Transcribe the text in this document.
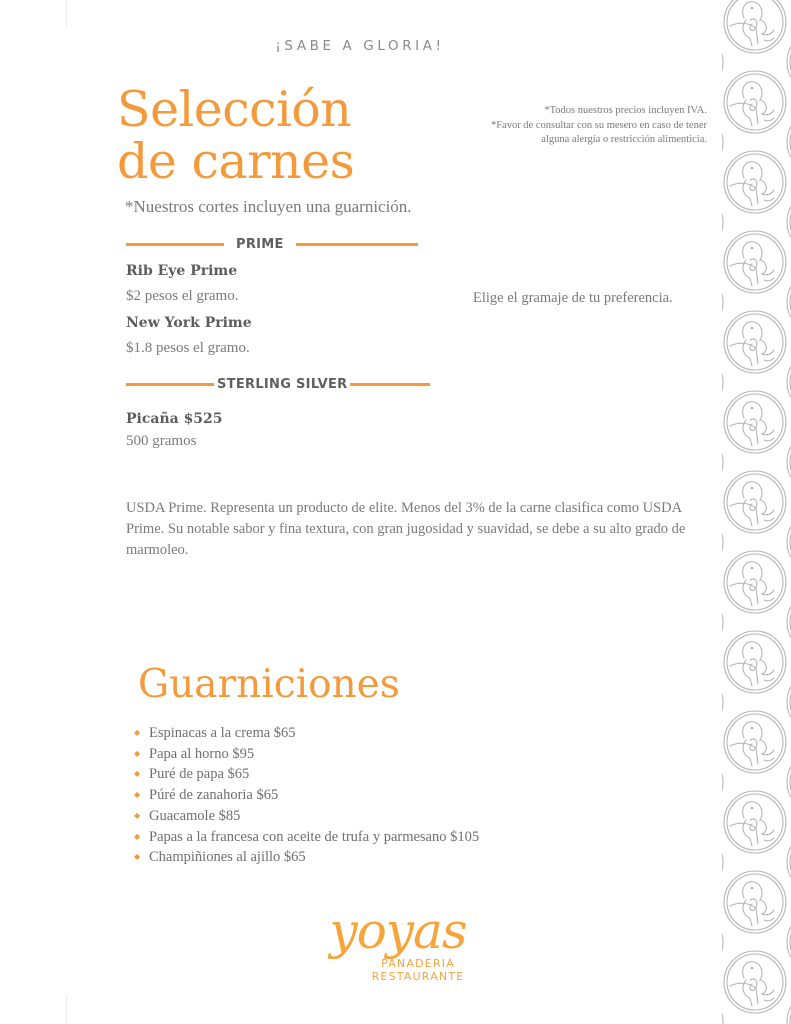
¡SABE A GLORIA!
Selección
de carnes
*Todos nuestros precios incluyen IVA.
*Favor de consultar con su mesero en caso de tener
alguna alergía o restricción alimenticia.
*Nuestros cortes incluyen una guarnición.
PRIME
Rib Eye Prime
$2 pesos el gramo.
New York Prime
$1.8 pesos el gramo.
Elige el gramaje de tu preferencia.
STERLING SILVER
Picaña $525
500 gramos
USDA Prime. Representa un producto de elite. Menos del 3% de la carne clasifica como USDA Prime. Su notable sabor y fina textura, con gran jugosidad y suavidad, se debe a su alto grado de marmoleo.
Guarniciones
◆ Espinacas a la crema $65
◆ Papa al horno $95
◆ Puré de papa $65
◆ Púré de zanahoria $65
◆ Guacamole $85
◆ Papas a la francesa con aceite de trufa y parmesano $105
◆ Champiñiones al ajillo $65
yoyas
PANADERIA
RESTAURANTE
